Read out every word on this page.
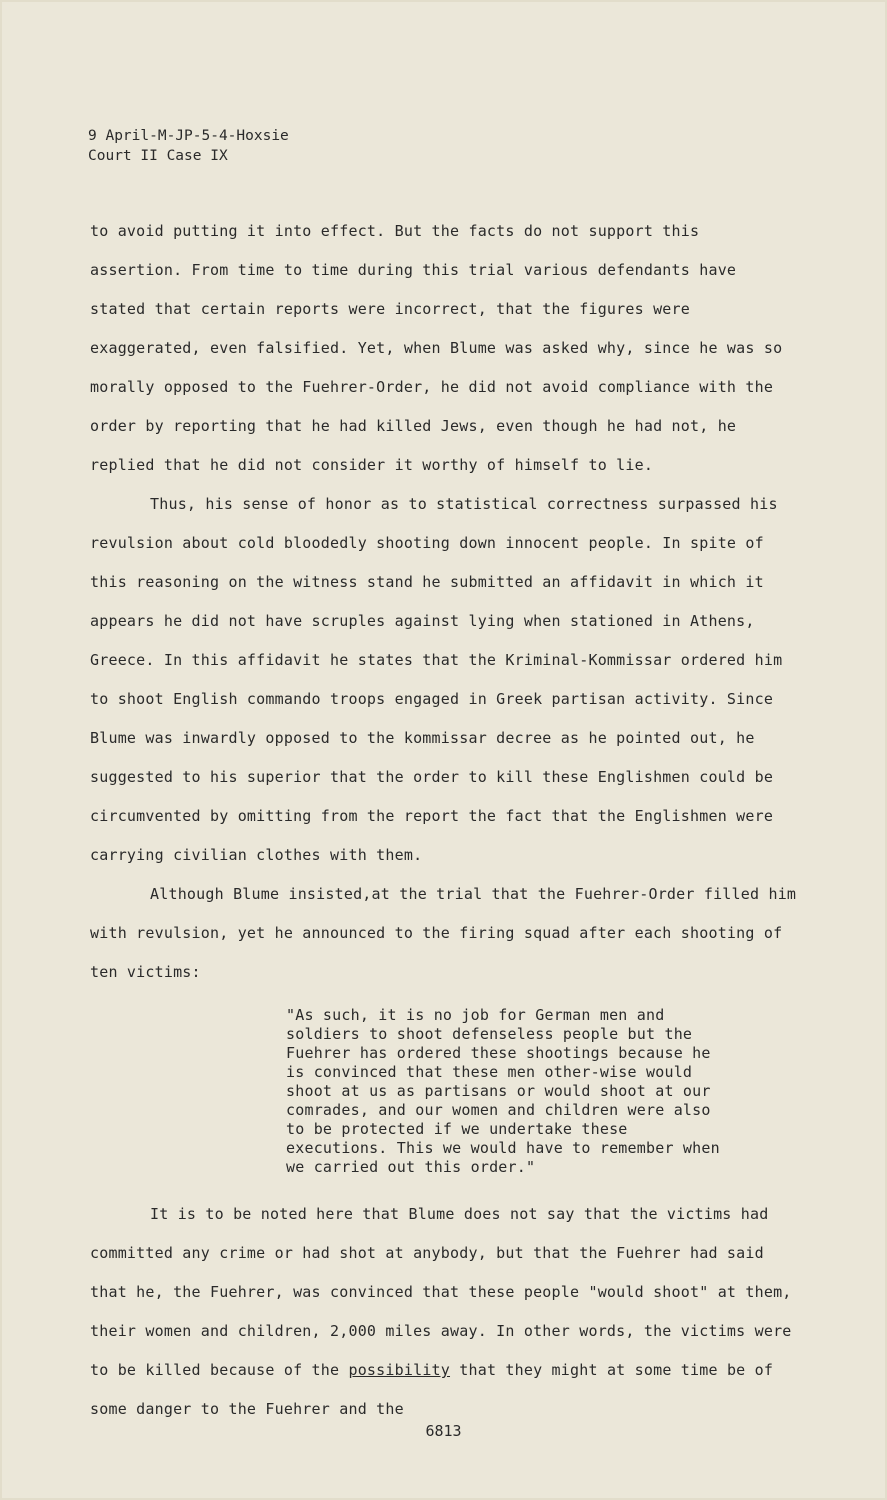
9 April-M-JP-5-4-Hoxsie
Court II Case IX

to avoid putting it into effect. But the facts do not support this assertion. From time to time during this trial various defendants have stated that certain reports were incorrect, that the figures were exaggerated, even falsified. Yet, when Blume was asked why, since he was so morally opposed to the Fuehrer-Order, he did not avoid compliance with the order by reporting that he had killed Jews, even though he had not, he replied that he did not consider it worthy of himself to lie.

Thus, his sense of honor as to statistical correctness surpassed his revulsion about cold bloodedly shooting down innocent people. In spite of this reasoning on the witness stand he submitted an affidavit in which it appears he did not have scruples against lying when stationed in Athens, Greece. In this affidavit he states that the Kriminal-Kommissar ordered him to shoot English commando troops engaged in Greek partisan activity. Since Blume was inwardly opposed to the kommissar decree as he pointed out, he suggested to his superior that the order to kill these Englishmen could be circumvented by omitting from the report the fact that the Englishmen were carrying civilian clothes with them.

Although Blume insisted,at the trial that the Fuehrer-Order filled him with revulsion, yet he announced to the firing squad after each shooting of ten victims:

"As such, it is no job for German men and soldiers to shoot defenseless people but the Fuehrer has ordered these shootings because he is convinced that these men other-wise would shoot at us as partisans or would shoot at our comrades, and our women and children were also to be protected if we undertake these executions. This we would have to remember when we carried out this order."

It is to be noted here that Blume does not say that the victims had committed any crime or had shot at anybody, but that the Fuehrer had said that he, the Fuehrer, was convinced that these people "would shoot" at them, their women and children, 2,000 miles away. In other words, the victims were to be killed because of the possibility that they might at some time be of some danger to the Fuehrer and the

6813
